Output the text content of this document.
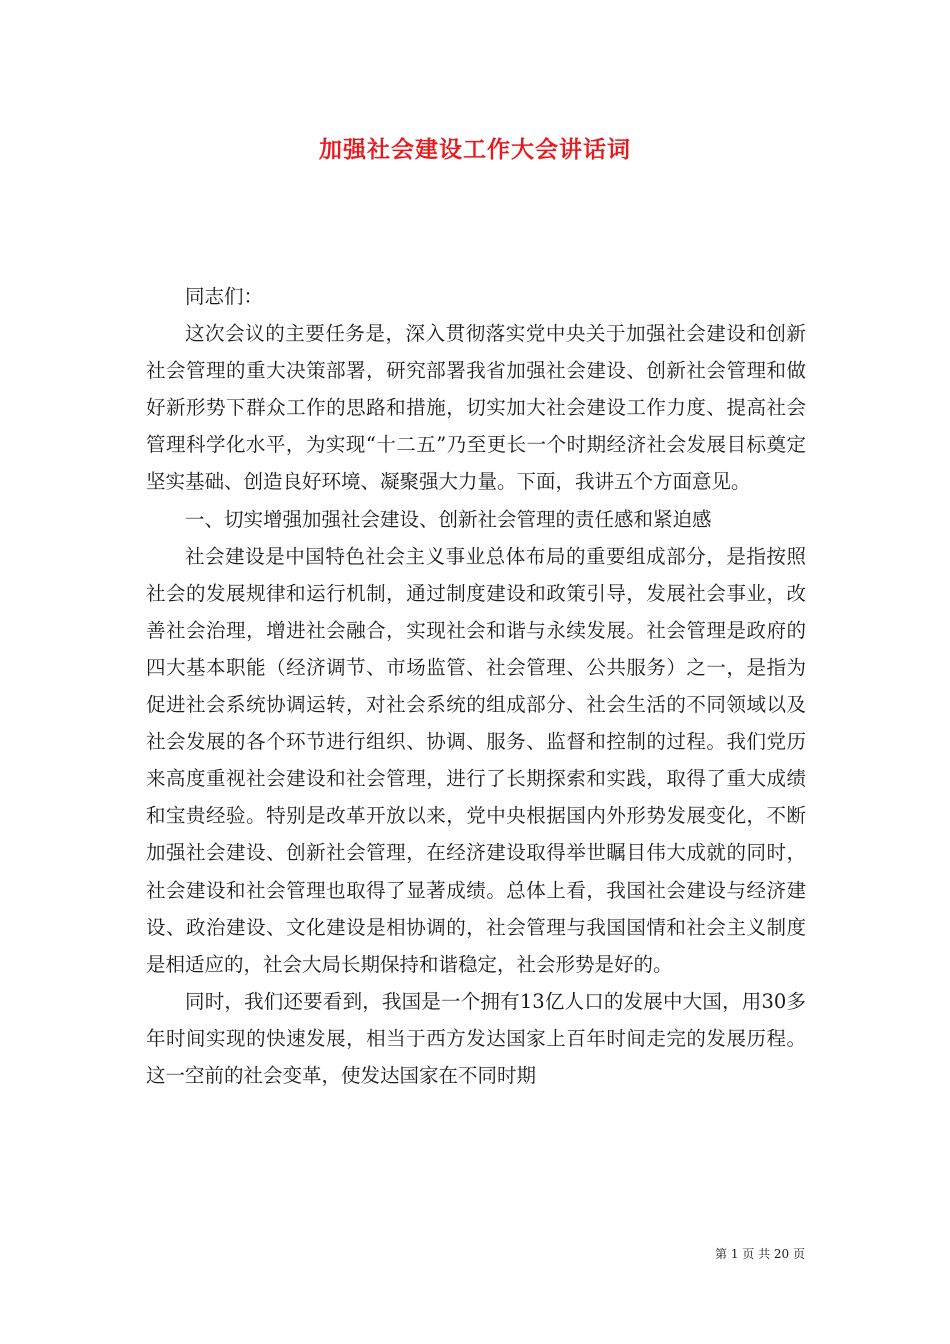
加强社会建设工作大会讲话词

同志们：

这次会议的主要任务是，深入贯彻落实党中央关于加强社会建设和创新社会管理的重大决策部署，研究部署我省加强社会建设、创新社会管理和做好新形势下群众工作的思路和措施，切实加大社会建设工作力度、提高社会管理科学化水平，为实现“十二五”乃至更长一个时期经济社会发展目标奠定坚实基础、创造良好环境、凝聚强大力量。下面，我讲五个方面意见。

一、切实增强加强社会建设、创新社会管理的责任感和紧迫感

社会建设是中国特色社会主义事业总体布局的重要组成部分，是指按照社会的发展规律和运行机制，通过制度建设和政策引导，发展社会事业，改善社会治理，增进社会融合，实现社会和谐与永续发展。社会管理是政府的四大基本职能（经济调节、市场监管、社会管理、公共服务）之一，是指为促进社会系统协调运转，对社会系统的组成部分、社会生活的不同领域以及社会发展的各个环节进行组织、协调、服务、监督和控制的过程。我们党历来高度重视社会建设和社会管理，进行了长期探索和实践，取得了重大成绩和宝贵经验。特别是改革开放以来，党中央根据国内外形势发展变化，不断加强社会建设、创新社会管理，在经济建设取得举世瞩目伟大成就的同时，社会建设和社会管理也取得了显著成绩。总体上看，我国社会建设与经济建设、政治建设、文化建设是相协调的，社会管理与我国国情和社会主义制度是相适应的，社会大局长期保持和谐稳定，社会形势是好的。

同时，我们还要看到，我国是一个拥有13亿人口的发展中大国，用30多年时间实现的快速发展，相当于西方发达国家上百年时间走完的发展历程。这一空前的社会变革，使发达国家在不同时期

第 1 页 共 20 页
